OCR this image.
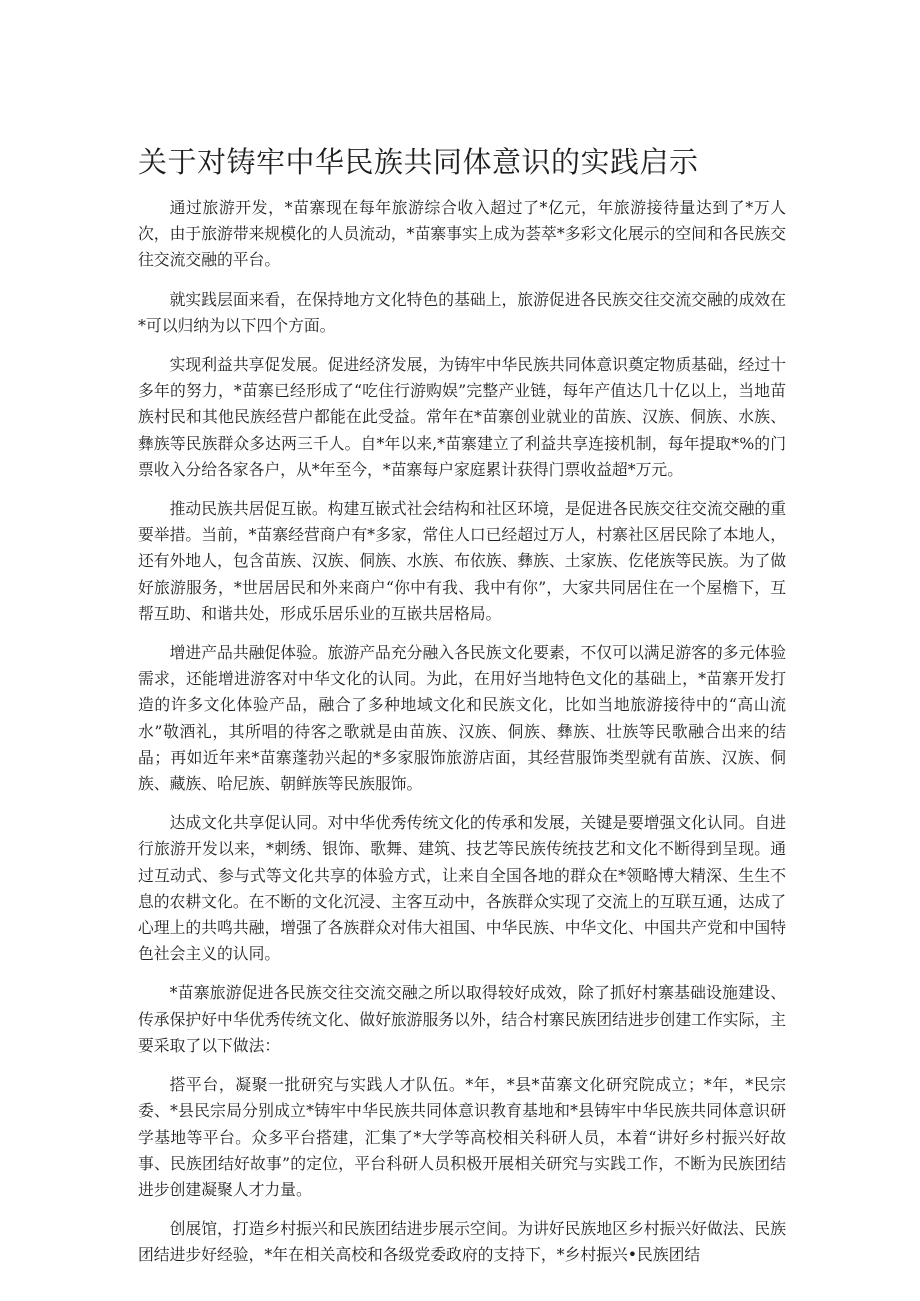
关于对铸牢中华民族共同体意识的实践启示

通过旅游开发，*苗寨现在每年旅游综合收入超过了*亿元，年旅游接待量达到了*万人次，由于旅游带来规模化的人员流动，*苗寨事实上成为荟萃*多彩文化展示的空间和各民族交往交流交融的平台。

就实践层面来看，在保持地方文化特色的基础上，旅游促进各民族交往交流交融的成效在*可以归纳为以下四个方面。

实现利益共享促发展。促进经济发展，为铸牢中华民族共同体意识奠定物质基础，经过十多年的努力，*苗寨已经形成了“吃住行游购娱”完整产业链，每年产值达几十亿以上，当地苗族村民和其他民族经营户都能在此受益。常年在*苗寨创业就业的苗族、汉族、侗族、水族、彝族等民族群众多达两三千人。自*年以来,*苗寨建立了利益共享连接机制，每年提取*%的门票收入分给各家各户，从*年至今，*苗寨每户家庭累计获得门票收益超*万元。

推动民族共居促互嵌。构建互嵌式社会结构和社区环境，是促进各民族交往交流交融的重要举措。当前，*苗寨经营商户有*多家，常住人口已经超过万人，村寨社区居民除了本地人，还有外地人，包含苗族、汉族、侗族、水族、布依族、彝族、土家族、仡佬族等民族。为了做好旅游服务，*世居居民和外来商户“你中有我、我中有你”，大家共同居住在一个屋檐下，互帮互助、和谐共处，形成乐居乐业的互嵌共居格局。

增进产品共融促体验。旅游产品充分融入各民族文化要素，不仅可以满足游客的多元体验需求，还能增进游客对中华文化的认同。为此，在用好当地特色文化的基础上，*苗寨开发打造的许多文化体验产品，融合了多种地域文化和民族文化，比如当地旅游接待中的“高山流水”敬酒礼，其所唱的待客之歌就是由苗族、汉族、侗族、彝族、壮族等民歌融合出来的结晶；再如近年来*苗寨蓬勃兴起的*多家服饰旅游店面，其经营服饰类型就有苗族、汉族、侗族、藏族、哈尼族、朝鲜族等民族服饰。

达成文化共享促认同。对中华优秀传统文化的传承和发展，关键是要增强文化认同。自进行旅游开发以来，*刺绣、银饰、歌舞、建筑、技艺等民族传统技艺和文化不断得到呈现。通过互动式、参与式等文化共享的体验方式，让来自全国各地的群众在*领略博大精深、生生不息的农耕文化。在不断的文化沉浸、主客互动中，各族群众实现了交流上的互联互通，达成了心理上的共鸣共融，增强了各族群众对伟大祖国、中华民族、中华文化、中国共产党和中国特色社会主义的认同。

*苗寨旅游促进各民族交往交流交融之所以取得较好成效，除了抓好村寨基础设施建设、传承保护好中华优秀传统文化、做好旅游服务以外，结合村寨民族团结进步创建工作实际，主要采取了以下做法：

搭平台，凝聚一批研究与实践人才队伍。*年，*县*苗寨文化研究院成立；*年，*民宗委、*县民宗局分别成立*铸牢中华民族共同体意识教育基地和*县铸牢中华民族共同体意识研学基地等平台。众多平台搭建，汇集了*大学等高校相关科研人员，本着“讲好乡村振兴好故事、民族团结好故事”的定位，平台科研人员积极开展相关研究与实践工作，不断为民族团结进步创建凝聚人才力量。

创展馆，打造乡村振兴和民族团结进步展示空间。为讲好民族地区乡村振兴好做法、民族团结进步好经验，*年在相关高校和各级党委政府的支持下，*乡村振兴•民族团结
